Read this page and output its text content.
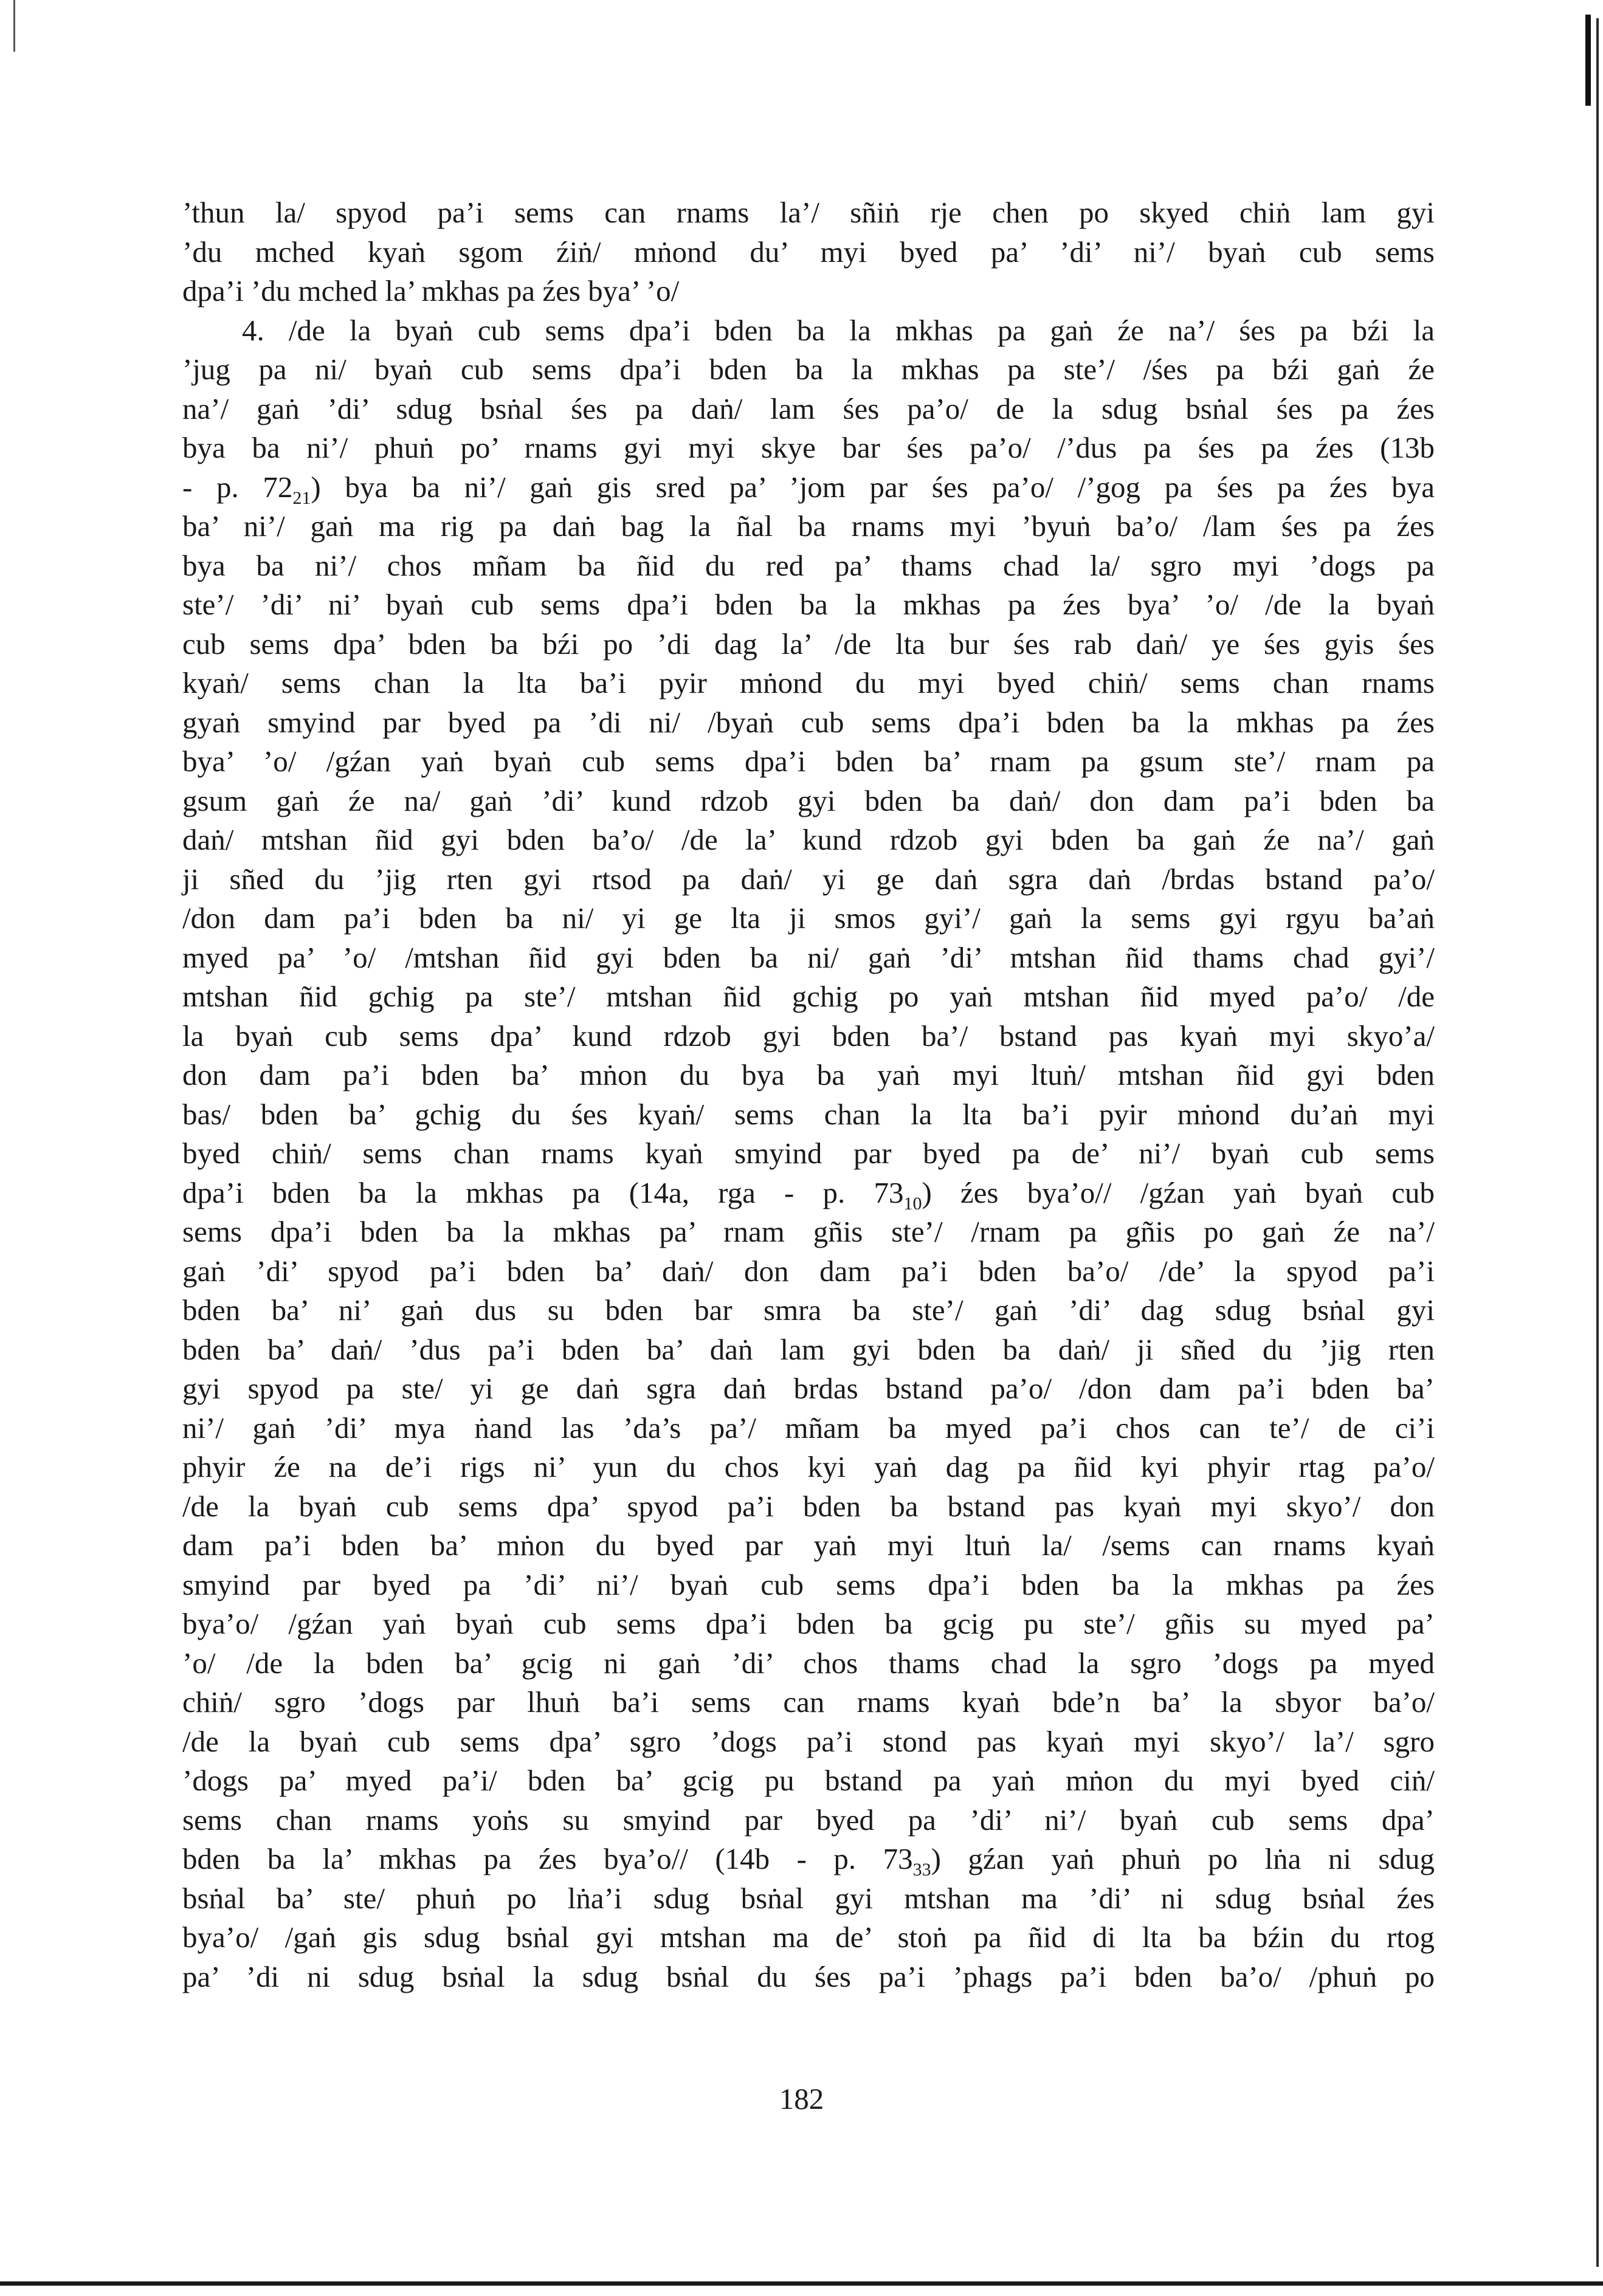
’thun la/ spyod pa’i sems can rnams la’/ sñiṅ rje chen po skyed chiṅ lam gyi
’du mched kyaṅ sgom źiṅ/ mṅond du’ myi byed pa’ ’di’ ni’/ byaṅ cub sems
dpa’i ’du mched la’ mkhas pa źes bya’ ’o/
4. /de la byaṅ cub sems dpa’i bden ba la mkhas pa gaṅ źe na’/ śes pa bźi la
’jug pa ni/ byaṅ cub sems dpa’i bden ba la mkhas pa ste’/ /śes pa bźi gaṅ źe
na’/ gaṅ ’di’ sdug bsṅal śes pa daṅ/ lam śes pa’o/ de la sdug bsṅal śes pa źes
bya ba ni’/ phuṅ po’ rnams gyi myi skye bar śes pa’o/ /’dus pa śes pa źes (13b
- p. $72_{21}$) bya ba ni’/ gaṅ gis sred pa’ ’jom par śes pa’o/ /’gog pa śes pa źes bya
ba’ ni’/ gaṅ ma rig pa daṅ bag la ñal ba rnams myi ’byuṅ ba’o/ /lam śes pa źes
bya ba ni’/ chos mñam ba ñid du red pa’ thams chad la/ sgro myi ’dogs pa
ste’/ ’di’ ni’ byaṅ cub sems dpa’i bden ba la mkhas pa źes bya’ ’o/ /de la byaṅ
cub sems dpa’ bden ba bźi po ’di dag la’ /de lta bur śes rab daṅ/ ye śes gyis śes
kyaṅ/ sems chan la lta ba’i pyir mṅond du myi byed chiṅ/ sems chan rnams
gyaṅ smyind par byed pa ’di ni/ /byaṅ cub sems dpa’i bden ba la mkhas pa źes
bya’ ’o/ /gźan yaṅ byaṅ cub sems dpa’i bden ba’ rnam pa gsum ste’/ rnam pa
gsum gaṅ źe na/ gaṅ ’di’ kund rdzob gyi bden ba daṅ/ don dam pa’i bden ba
daṅ/ mtshan ñid gyi bden ba’o/ /de la’ kund rdzob gyi bden ba gaṅ źe na’/ gaṅ
ji sñed du ’jig rten gyi rtsod pa daṅ/ yi ge daṅ sgra daṅ /brdas bstand pa’o/
/don dam pa’i bden ba ni/ yi ge lta ji smos gyi’/ gaṅ la sems gyi rgyu ba’aṅ
myed pa’ ’o/ /mtshan ñid gyi bden ba ni/ gaṅ ’di’ mtshan ñid thams chad gyi’/
mtshan ñid gchig pa ste’/ mtshan ñid gchig po yaṅ mtshan ñid myed pa’o/ /de
la byaṅ cub sems dpa’ kund rdzob gyi bden ba’/ bstand pas kyaṅ myi skyo’a/
don dam pa’i bden ba’ mṅon du bya ba yaṅ myi ltuṅ/ mtshan ñid gyi bden
bas/ bden ba’ gchig du śes kyaṅ/ sems chan la lta ba’i pyir mṅond du’aṅ myi
byed chiṅ/ sems chan rnams kyaṅ smyind par byed pa de’ ni’/ byaṅ cub sems
dpa’i bden ba la mkhas pa (14a, rga - p. $73_{10}$) źes bya’o// /gźan yaṅ byaṅ cub
sems dpa’i bden ba la mkhas pa’ rnam gñis ste’/ /rnam pa gñis po gaṅ źe na’/
gaṅ ’di’ spyod pa’i bden ba’ daṅ/ don dam pa’i bden ba’o/ /de’ la spyod pa’i
bden ba’ ni’ gaṅ dus su bden bar smra ba ste’/ gaṅ ’di’ dag sdug bsṅal gyi
bden ba’ daṅ/ ’dus pa’i bden ba’ daṅ lam gyi bden ba daṅ/ ji sñed du ’jig rten
gyi spyod pa ste/ yi ge daṅ sgra daṅ brdas bstand pa’o/ /don dam pa’i bden ba’
ni’/ gaṅ ’di’ mya ṅand las ’da’s pa’/ mñam ba myed pa’i chos can te’/ de ci’i
phyir źe na de’i rigs ni’ yun du chos kyi yaṅ dag pa ñid kyi phyir rtag pa’o/
/de la byaṅ cub sems dpa’ spyod pa’i bden ba bstand pas kyaṅ myi skyo’/ don
dam pa’i bden ba’ mṅon du byed par yaṅ myi ltuṅ la/ /sems can rnams kyaṅ
smyind par byed pa ’di’ ni’/ byaṅ cub sems dpa’i bden ba la mkhas pa źes
bya’o/ /gźan yaṅ byaṅ cub sems dpa’i bden ba gcig pu ste’/ gñis su myed pa’
’o/ /de la bden ba’ gcig ni gaṅ ’di’ chos thams chad la sgro ’dogs pa myed
chiṅ/ sgro ’dogs par lhuṅ ba’i sems can rnams kyaṅ bde’n ba’ la sbyor ba’o/
/de la byaṅ cub sems dpa’ sgro ’dogs pa’i stond pas kyaṅ myi skyo’/ la’/ sgro
’dogs pa’ myed pa’i/ bden ba’ gcig pu bstand pa yaṅ mṅon du myi byed ciṅ/
sems chan rnams yoṅs su smyind par byed pa ’di’ ni’/ byaṅ cub sems dpa’
bden ba la’ mkhas pa źes bya’o// (14b - p. $73_{33}$) gźan yaṅ phuṅ po lṅa ni sdug
bsṅal ba’ ste/ phuṅ po lṅa’i sdug bsṅal gyi mtshan ma ’di’ ni sdug bsṅal źes
bya’o/ /gaṅ gis sdug bsṅal gyi mtshan ma de’ stoṅ pa ñid di lta ba bźin du rtog
pa’ ’di ni sdug bsṅal la sdug bsṅal du śes pa’i ’phags pa’i bden ba’o/ /phuṅ po
182
